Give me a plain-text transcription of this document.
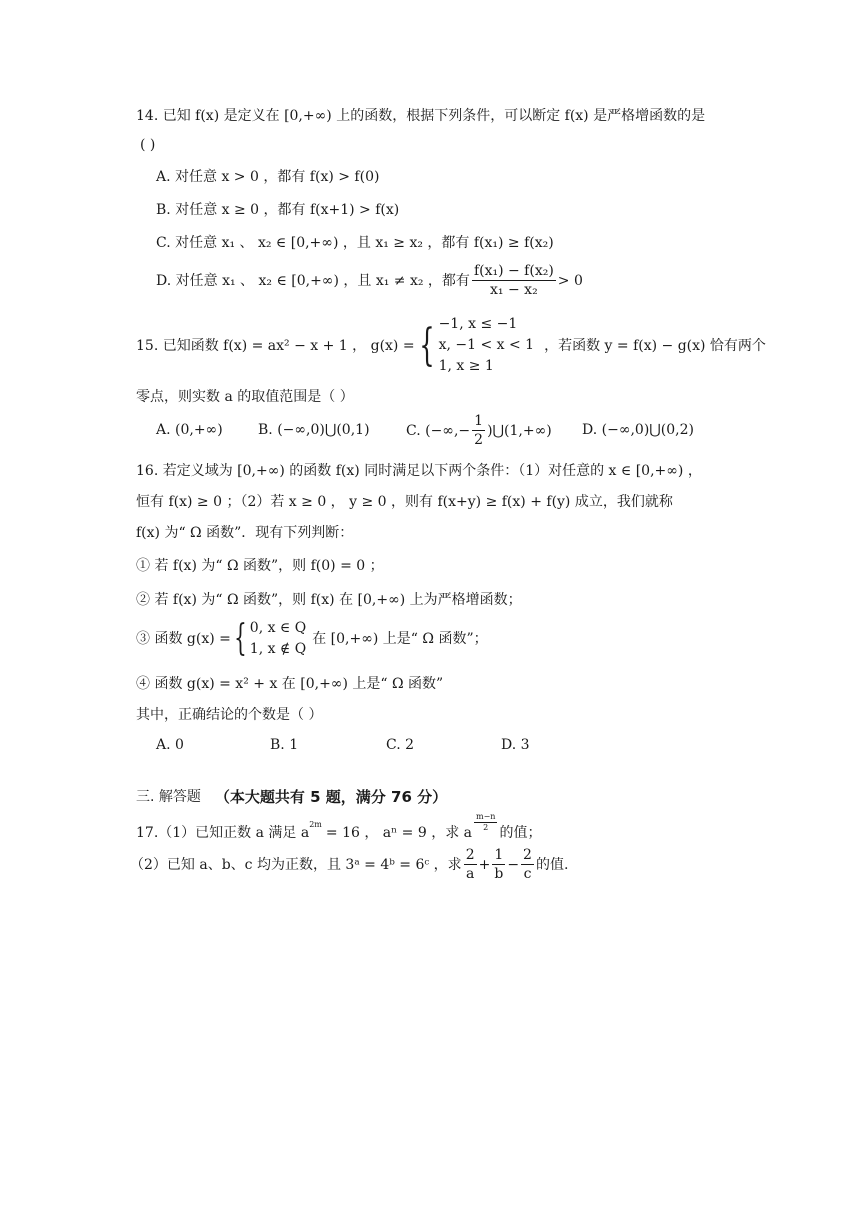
14. 已知 f(x) 是定义在 [0,+∞) 上的函数，根据下列条件，可以断定 f(x) 是严格增函数的是
( )
A. 对任意 x > 0 ，都有 f(x) > f(0)
B. 对任意 x ≥ 0 ，都有 f(x+1) > f(x)
C. 对任意 x₁ 、 x₂ ∈ [0,+∞) ，且 x₁ ≥ x₂ ，都有 f(x₁) ≥ f(x₂)
D. 对任意 x₁ 、 x₂ ∈ [0,+∞) ，且 x₁ ≠ x₂ ，都有 $\frac{\text{f(x₁) − f(x₂)}}{\text{x₁ − x₂}} > 0$
15. 已知函数 f(x) = ax² − x + 1 ， g(x) = { −1, x ≤ −1
x, −1 < x < 1
1, x ≥ 1
，若函数 y = f(x) − g(x) 恰有两个
零点，则实数 a 的取值范围是（ ）
A. (0,+∞)	B. (−∞,0)⋃(0,1)	C. (−∞,− $\frac{1}{2}$ )⋃(1,+∞) D. (−∞,0)⋃(0,2)
16. 若定义域为 [0,+∞) 的函数 f(x) 同时满足以下两个条件：（1）对任意的 x ∈ [0,+∞) ，
恒有 f(x) ≥ 0 ；（2）若 x ≥ 0 ， y ≥ 0 ，则有 f(x+y) ≥ f(x) + f(y) 成立，我们就称
f(x) 为“ Ω 函数”．现有下列判断：
① 若 f(x) 为“ Ω 函数”，则 f(0) = 0 ；
② 若 f(x) 为“ Ω 函数”，则 f(x) 在 [0,+∞) 上为严格增函数；
③ 函数 g(x) = { 0, x ∈ Q
1, x ∉ Q
在 [0,+∞) 上是“ Ω 函数”；
④ 函数 g(x) = x² + x 在 [0,+∞) 上是“ Ω 函数”
其中，正确结论的个数是（ ）
A. 0	B. 1	C. 2	D. 3
三. 解答题 （本大题共有 5 题，满分 76 分）
17.（1）已知正数 a 满足 a
2m
= 16 ， aⁿ = 9 ，求 a $\frac{m-n}{2}$ 的值；
（2）已知 a、b、c 均为正数，且 3ᵃ = 4ᵇ = 6ᶜ ，求 $\frac{2}{a} + \frac{1}{b} - \frac{2}{c}$ 的值.
